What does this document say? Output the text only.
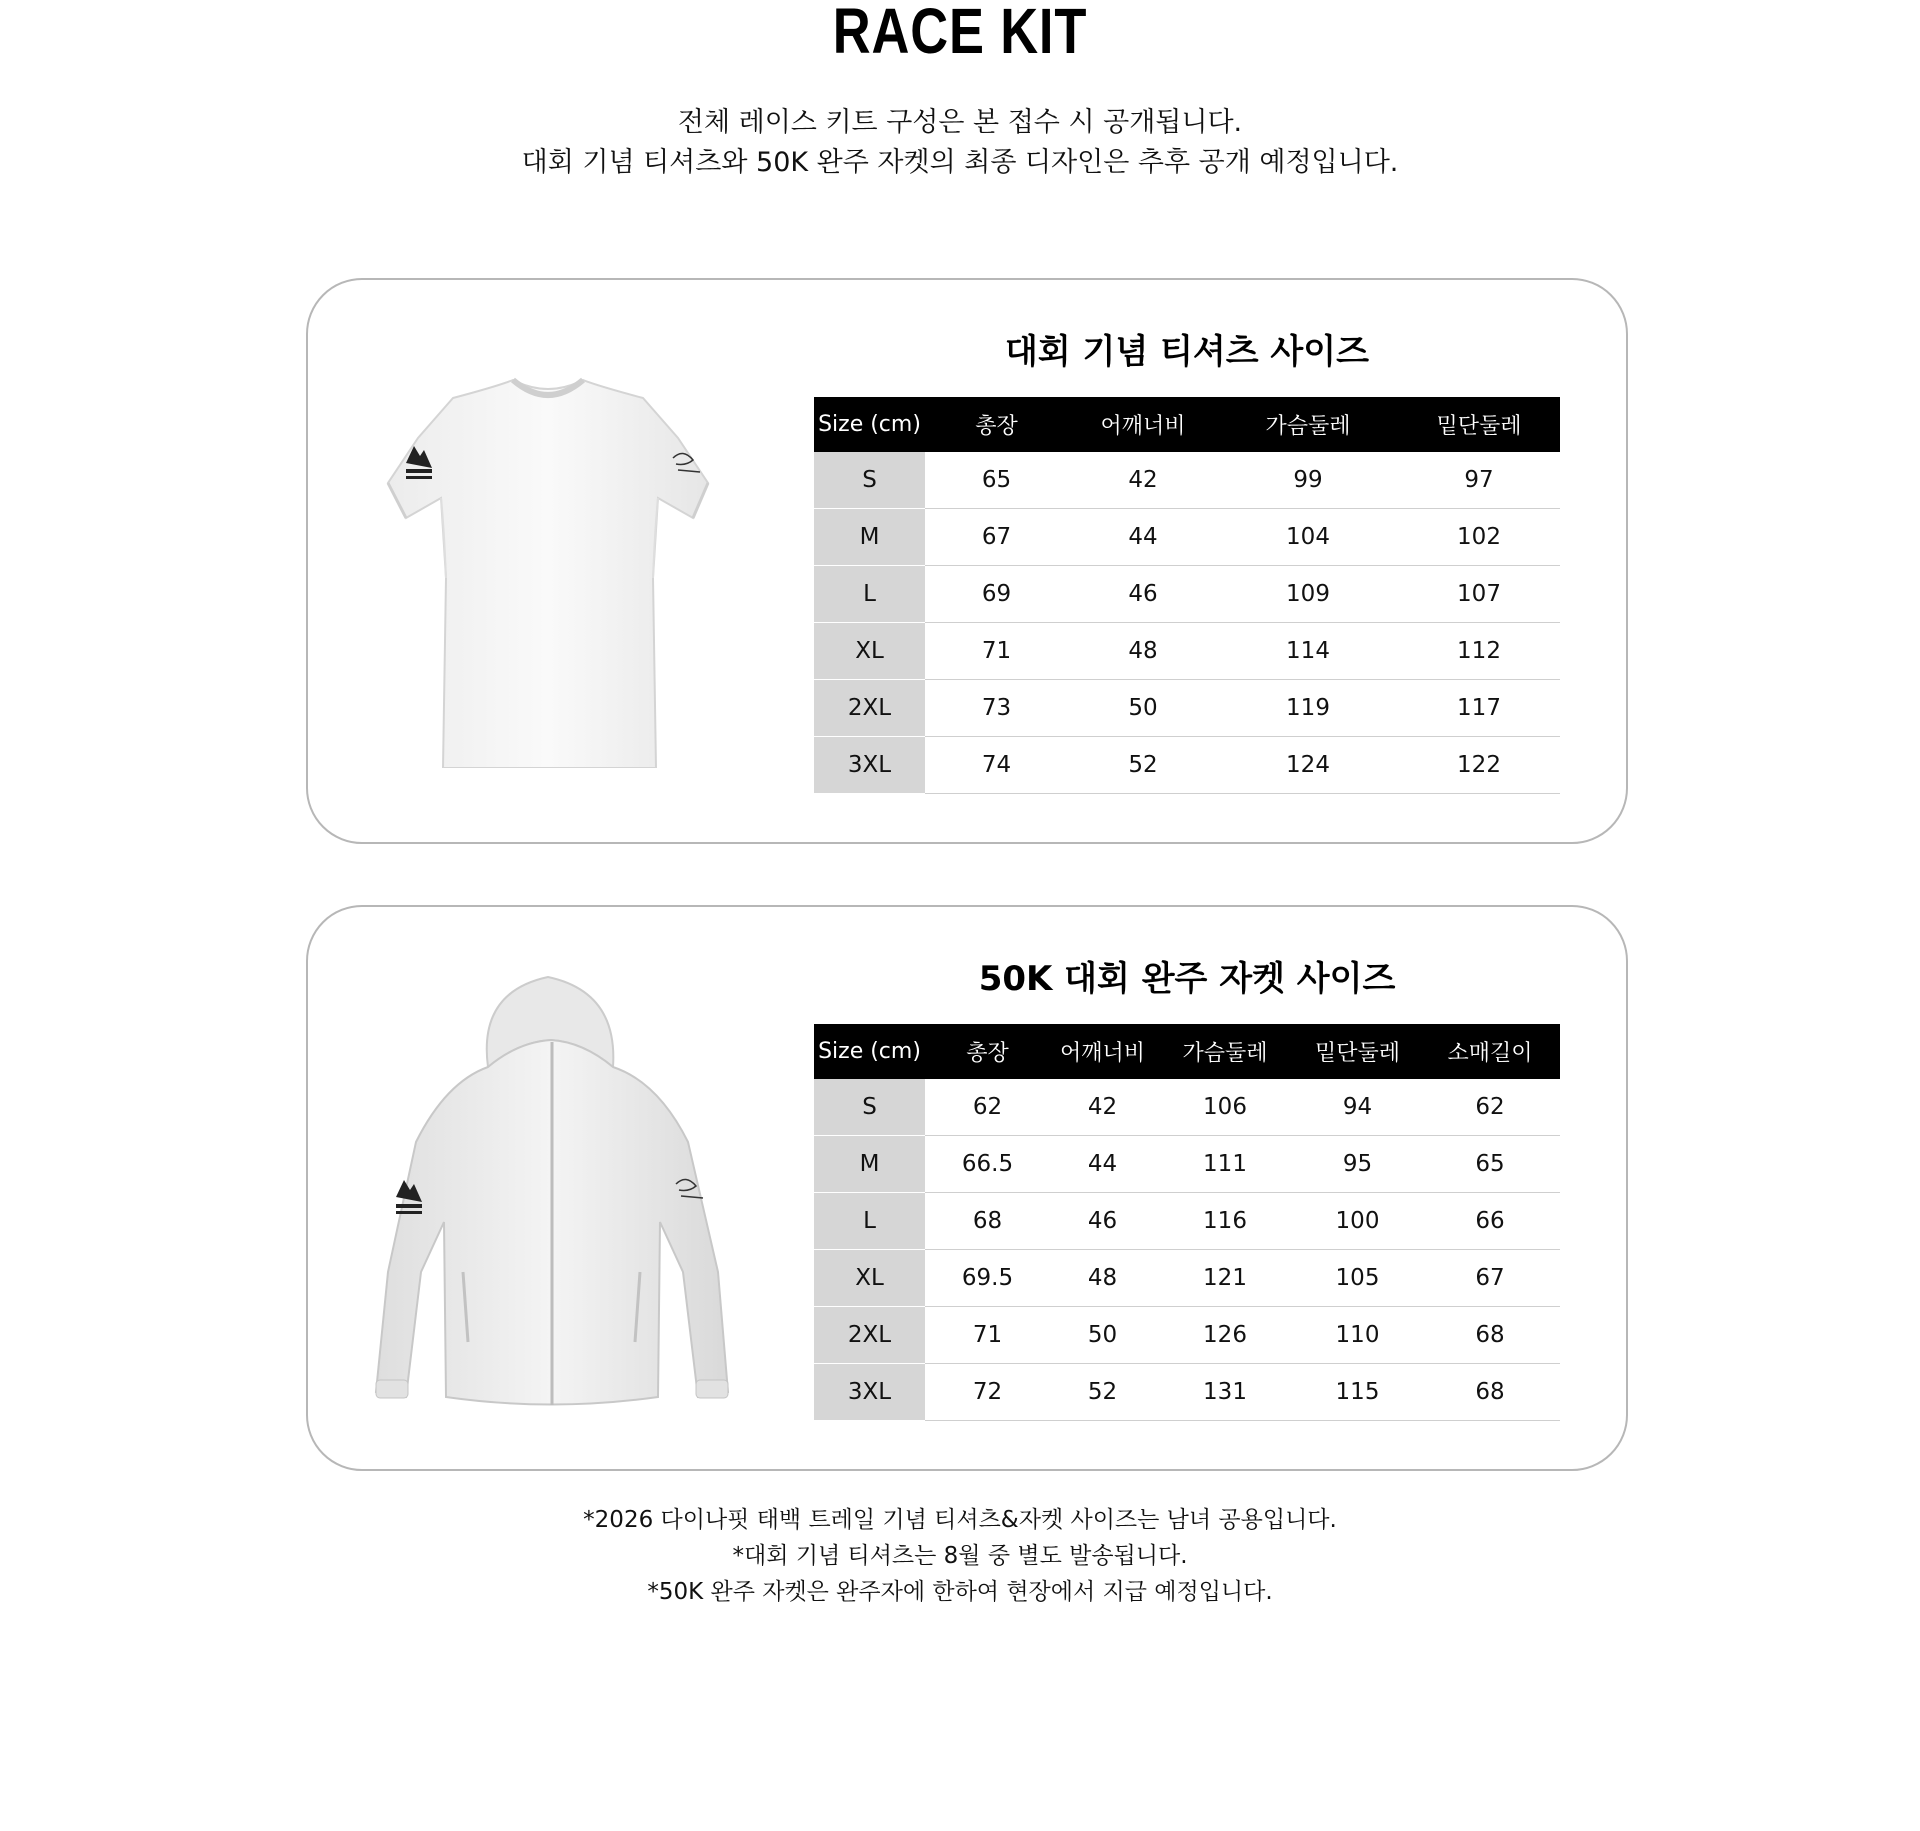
RACE KIT
전체 레이스 키트 구성은 본 접수 시 공개됩니다.
대회 기념 티셔츠와 50K 완주 자켓의 최종 디자인은 추후 공개 예정입니다.
대회 기념 티셔츠 사이즈
Size (cm)	총장	어깨너비	가슴둘레	밑단둘레
S	65	42	99	97
M	67	44	104	102
L	69	46	109	107
XL	71	48	114	112
2XL	73	50	119	117
3XL	74	52	124	122
50K 대회 완주 자켓 사이즈
Size (cm)	총장	어깨너비	가슴둘레	밑단둘레	소매길이
S	62	42	106	94	62
M	66.5	44	111	95	65
L	68	46	116	100	66
XL	69.5	48	121	105	67
2XL	71	50	126	110	68
3XL	72	52	131	115	68
*2026 다이나핏 태백 트레일 기념 티셔츠&자켓 사이즈는 남녀 공용입니다.
*대회 기념 티셔츠는 8월 중 별도 발송됩니다.
*50K 완주 자켓은 완주자에 한하여 현장에서 지급 예정입니다.
